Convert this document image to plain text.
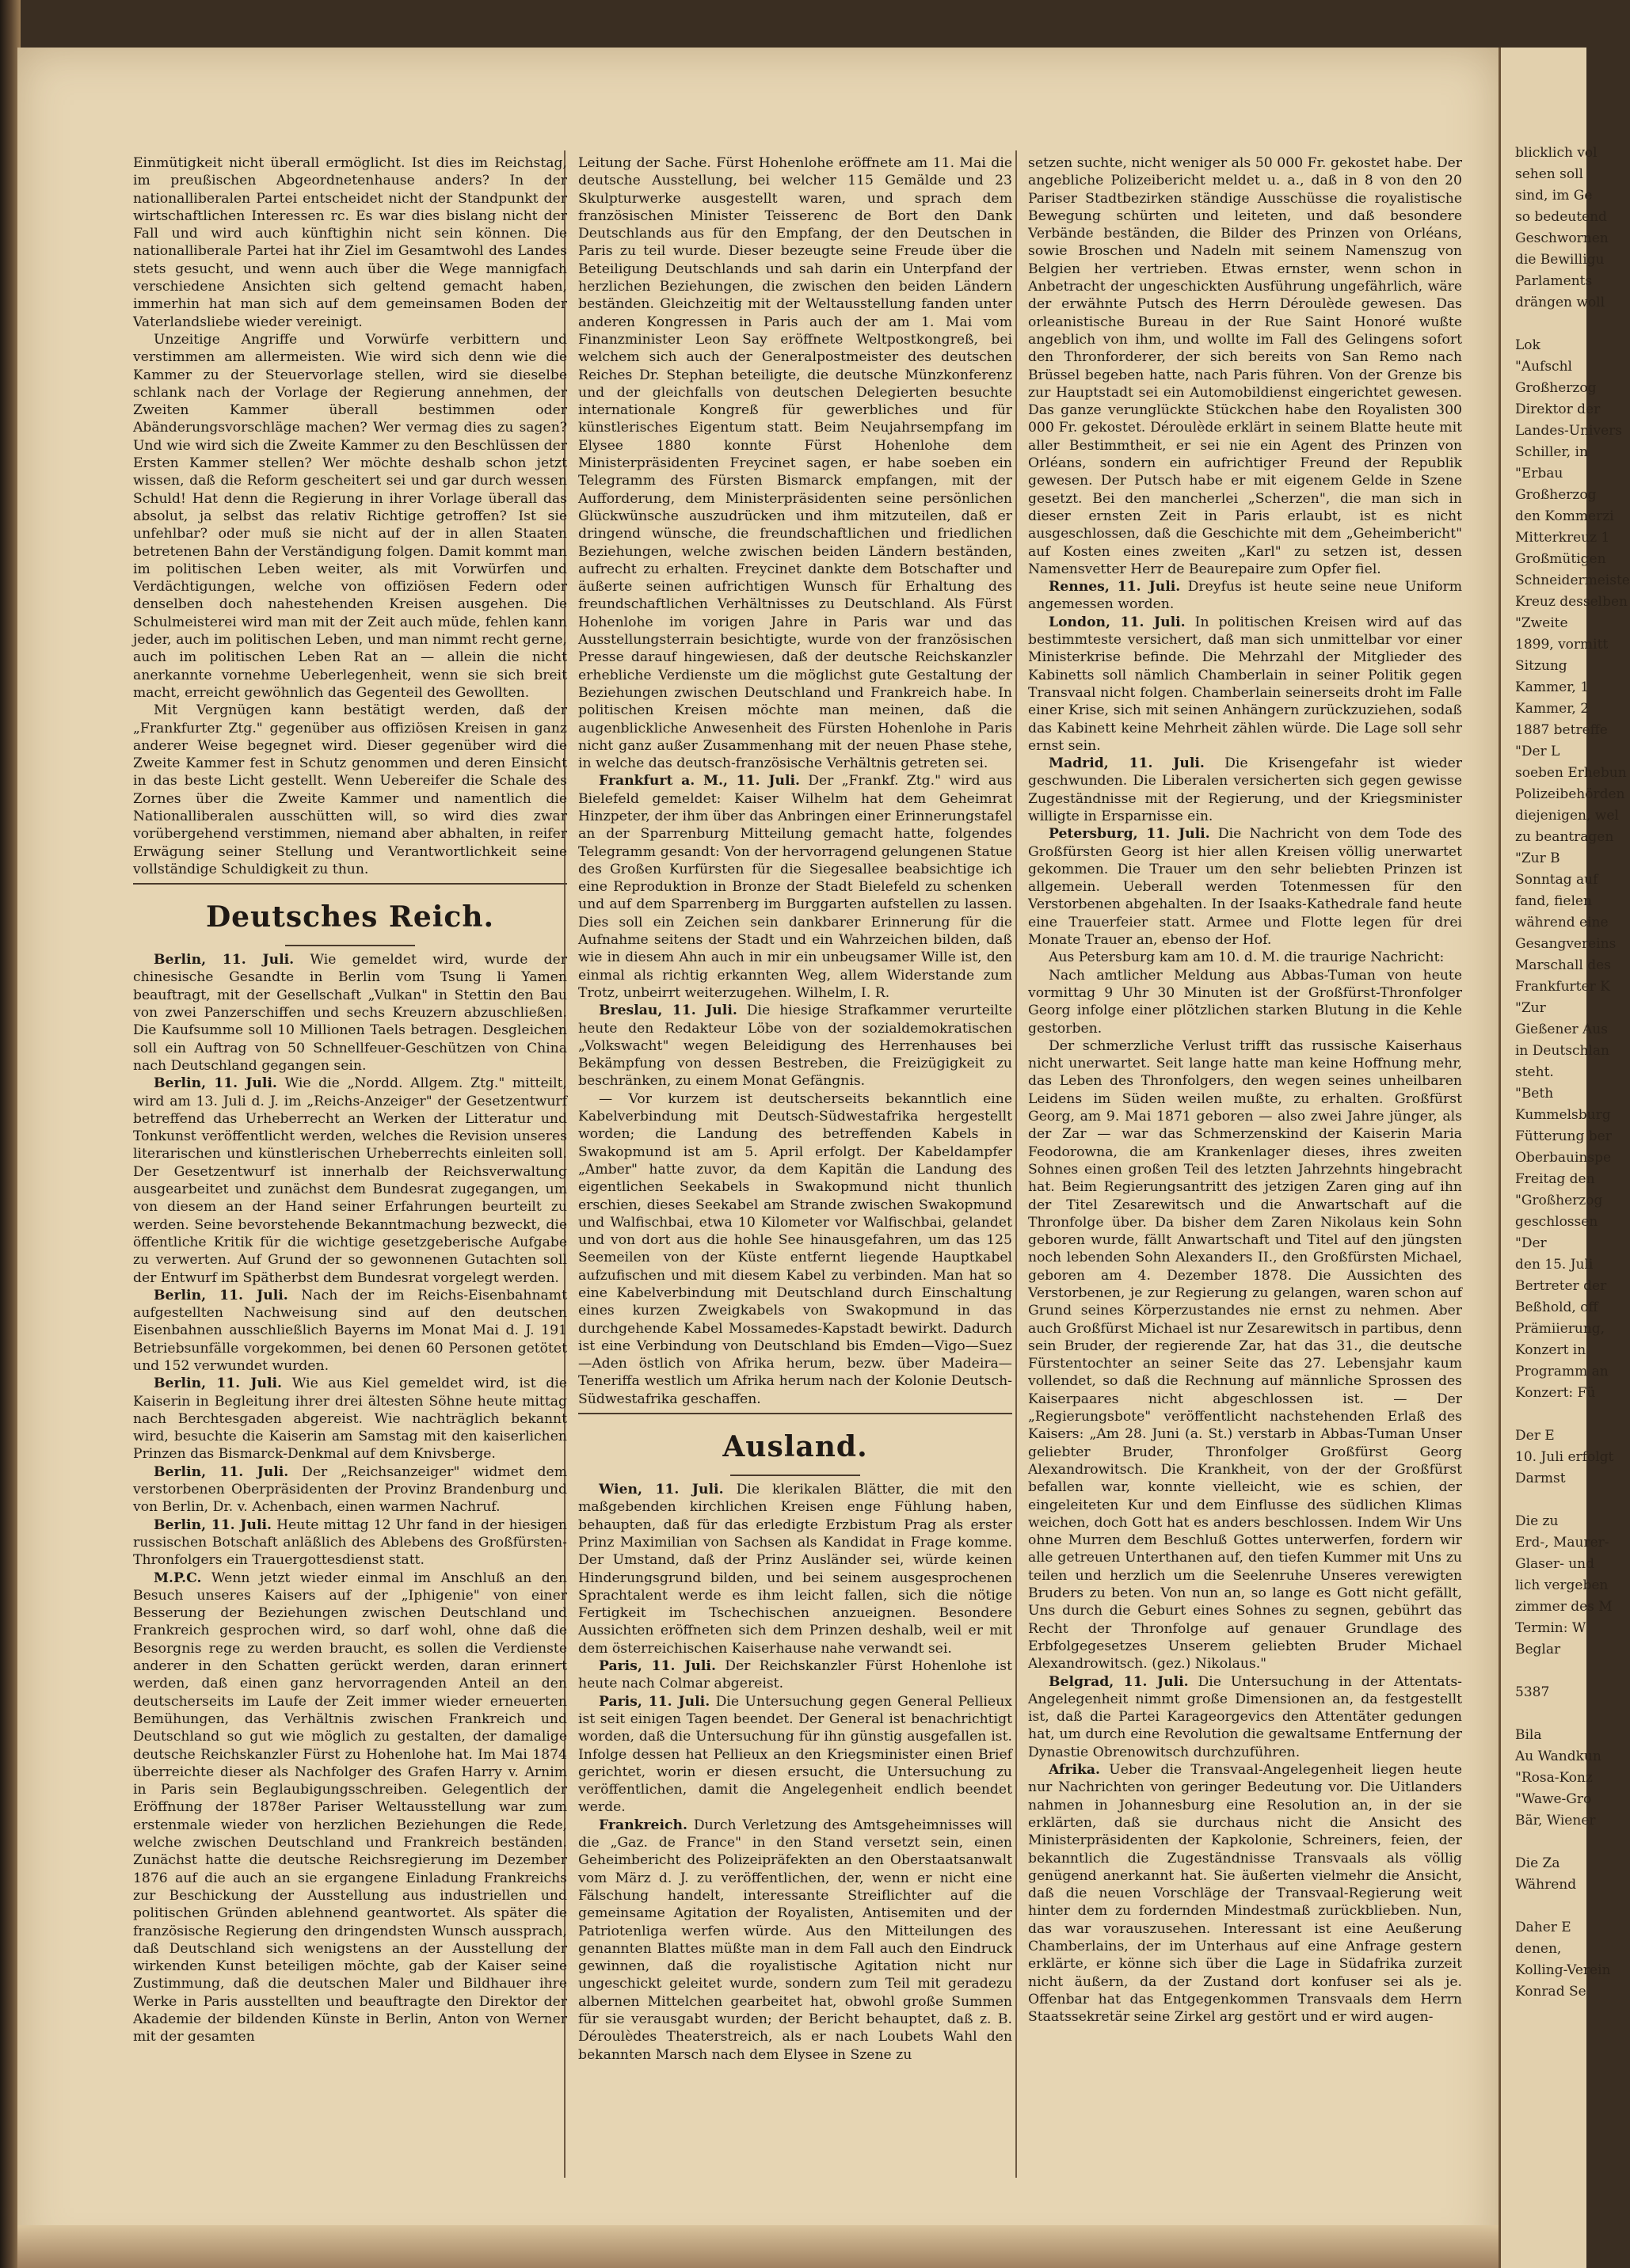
Einmütigkeit nicht überall ermöglicht. Ist dies im Reichstag, im preußischen Abgeordnetenhause anders? In der nationalliberalen Partei entscheidet nicht der Standpunkt der wirtschaftlichen Interessen rc. Es war dies bislang nicht der Fall und wird auch künftighin nicht sein können. Die nationalliberale Partei hat ihr Ziel im Gesamtwohl des Landes stets gesucht, und wenn auch über die Wege mannigfach verschiedene Ansichten sich geltend gemacht haben, immerhin hat man sich auf dem gemeinsamen Boden der Vaterlandsliebe wieder vereinigt.

Unzeitige Angriffe und Vorwürfe verbittern und verstimmen am allermeisten. Wie wird sich denn wie die Kammer zu der Steuervorlage stellen, wird sie dieselbe schlank nach der Vorlage der Regierung annehmen, der Zweiten Kammer überall bestimmen oder Abänderungsvorschläge machen? Wer vermag dies zu sagen? Und wie wird sich die Zweite Kammer zu den Beschlüssen der Ersten Kammer stellen? Wer möchte deshalb schon jetzt wissen, daß die Reform gescheitert sei und gar durch wessen Schuld! Hat denn die Regierung in ihrer Vorlage überall das absolut, ja selbst das relativ Richtige getroffen? Ist sie unfehlbar? oder muß sie nicht auf der in allen Staaten betretenen Bahn der Verständigung folgen. Damit kommt man im politischen Leben weiter, als mit Vorwürfen und Verdächtigungen, welche von offiziösen Federn oder denselben doch nahestehenden Kreisen ausgehen. Die Schulmeisterei wird man mit der Zeit auch müde, fehlen kann jeder, auch im politischen Leben, und man nimmt recht gerne, auch im politischen Leben Rat an — allein die nicht anerkannte vornehme Ueberlegenheit, wenn sie sich breit macht, erreicht gewöhnlich das Gegenteil des Gewollten.

Mit Vergnügen kann bestätigt werden, daß der „Frankfurter Ztg." gegenüber aus offiziösen Kreisen in ganz anderer Weise begegnet wird. Dieser gegenüber wird die Zweite Kammer fest in Schutz genommen und deren Einsicht in das beste Licht gestellt. Wenn Uebereifer die Schale des Zornes über die Zweite Kammer und namentlich die Nationalliberalen ausschütten will, so wird dies zwar vorübergehend verstimmen, niemand aber abhalten, in reifer Erwägung seiner Stellung und Verantwortlichkeit seine vollständige Schuldigkeit zu thun.

Deutsches Reich.

Berlin, 11. Juli. Wie gemeldet wird, wurde der chinesische Gesandte in Berlin vom Tsung li Yamen beauftragt, mit der Gesellschaft „Vulkan" in Stettin den Bau von zwei Panzerschiffen und sechs Kreuzern abzuschließen. Die Kaufsumme soll 10 Millionen Taels betragen. Desgleichen soll ein Auftrag von 50 Schnellfeuer-Geschützen von China nach Deutschland gegangen sein.

Berlin, 11. Juli. Wie die „Nordd. Allgem. Ztg." mitteilt, wird am 13. Juli d. J. im „Reichs-Anzeiger" der Gesetzentwurf betreffend das Urheberrecht an Werken der Litteratur und Tonkunst veröffentlicht werden, welches die Revision unseres literarischen und künstlerischen Urheberrechts einleiten soll. Der Gesetzentwurf ist innerhalb der Reichsverwaltung ausgearbeitet und zunächst dem Bundesrat zugegangen, um von diesem an der Hand seiner Erfahrungen beurteilt zu werden. Seine bevorstehende Bekanntmachung bezweckt, die öffentliche Kritik für die wichtige gesetzgeberische Aufgabe zu verwerten. Auf Grund der so gewonnenen Gutachten soll der Entwurf im Spätherbst dem Bundesrat vorgelegt werden.

Berlin, 11. Juli. Nach der im Reichs-Eisenbahnamt aufgestellten Nachweisung sind auf den deutschen Eisenbahnen ausschließlich Bayerns im Monat Mai d. J. 191 Betriebsunfälle vorgekommen, bei denen 60 Personen getötet und 152 verwundet wurden.

Berlin, 11. Juli. Wie aus Kiel gemeldet wird, ist die Kaiserin in Begleitung ihrer drei ältesten Söhne heute mittag nach Berchtesgaden abgereist. Wie nachträglich bekannt wird, besuchte die Kaiserin am Samstag mit den kaiserlichen Prinzen das Bismarck-Denkmal auf dem Knivsberge.

Berlin, 11. Juli. Der „Reichsanzeiger" widmet dem verstorbenen Oberpräsidenten der Provinz Brandenburg und von Berlin, Dr. v. Achenbach, einen warmen Nachruf.

Berlin, 11. Juli. Heute mittag 12 Uhr fand in der hiesigen russischen Botschaft anläßlich des Ablebens des Großfürsten-Thronfolgers ein Trauergottesdienst statt.

M.P.C. Wenn jetzt wieder einmal im Anschluß an den Besuch unseres Kaisers auf der „Iphigenie" von einer Besserung der Beziehungen zwischen Deutschland und Frankreich gesprochen wird, so darf wohl, ohne daß die Besorgnis rege zu werden braucht, es sollen die Verdienste anderer in den Schatten gerückt werden, daran erinnert werden, daß einen ganz hervorragenden Anteil an den deutscherseits im Laufe der Zeit immer wieder erneuerten Bemühungen, das Verhältnis zwischen Frankreich und Deutschland so gut wie möglich zu gestalten, der damalige deutsche Reichskanzler Fürst zu Hohenlohe hat. Im Mai 1874 überreichte dieser als Nachfolger des Grafen Harry v. Arnim in Paris sein Beglaubigungsschreiben. Gelegentlich der Eröffnung der 1878er Pariser Weltausstellung war zum erstenmale wieder von herzlichen Beziehungen die Rede, welche zwischen Deutschland und Frankreich beständen. Zunächst hatte die deutsche Reichsregierung im Dezember 1876 auf die auch an sie ergangene Einladung Frankreichs zur Beschickung der Ausstellung aus industriellen und politischen Gründen ablehnend geantwortet. Als später die französische Regierung den dringendsten Wunsch aussprach, daß Deutschland sich wenigstens an der Ausstellung der wirkenden Kunst beteiligen möchte, gab der Kaiser seine Zustimmung, daß die deutschen Maler und Bildhauer ihre Werke in Paris ausstellten und beauftragte den Direktor der Akademie der bildenden Künste in Berlin, Anton von Werner mit der gesamten

Leitung der Sache. Fürst Hohenlohe eröffnete am 11. Mai die deutsche Ausstellung, bei welcher 115 Gemälde und 23 Skulpturwerke ausgestellt waren, und sprach dem französischen Minister Teisserenc de Bort den Dank Deutschlands aus für den Empfang, der den Deutschen in Paris zu teil wurde. Dieser bezeugte seine Freude über die Beteiligung Deutschlands und sah darin ein Unterpfand der herzlichen Beziehungen, die zwischen den beiden Ländern beständen. Gleichzeitig mit der Weltausstellung fanden unter anderen Kongressen in Paris auch der am 1. Mai vom Finanzminister Leon Say eröffnete Weltpostkongreß, bei welchem sich auch der Generalpostmeister des deutschen Reiches Dr. Stephan beteiligte, die deutsche Münzkonferenz und der gleichfalls von deutschen Delegierten besuchte internationale Kongreß für gewerbliches und für künstlerisches Eigentum statt. Beim Neujahrsempfang im Elysee 1880 konnte Fürst Hohenlohe dem Ministerpräsidenten Freycinet sagen, er habe soeben ein Telegramm des Fürsten Bismarck empfangen, mit der Aufforderung, dem Ministerpräsidenten seine persönlichen Glückwünsche auszudrücken und ihm mitzuteilen, daß er dringend wünsche, die freundschaftlichen und friedlichen Beziehungen, welche zwischen beiden Ländern beständen, aufrecht zu erhalten. Freycinet dankte dem Botschafter und äußerte seinen aufrichtigen Wunsch für Erhaltung des freundschaftlichen Verhältnisses zu Deutschland. Als Fürst Hohenlohe im vorigen Jahre in Paris war und das Ausstellungsterrain besichtigte, wurde von der französischen Presse darauf hingewiesen, daß der deutsche Reichskanzler erhebliche Verdienste um die möglichst gute Gestaltung der Beziehungen zwischen Deutschland und Frankreich habe. In politischen Kreisen möchte man meinen, daß die augenblickliche Anwesenheit des Fürsten Hohenlohe in Paris nicht ganz außer Zusammenhang mit der neuen Phase stehe, in welche das deutsch-französische Verhältnis getreten sei.

Frankfurt a. M., 11. Juli. Der „Frankf. Ztg." wird aus Bielefeld gemeldet: Kaiser Wilhelm hat dem Geheimrat Hinzpeter, der ihm über das Anbringen einer Erinnerungstafel an der Sparrenburg Mitteilung gemacht hatte, folgendes Telegramm gesandt: Von der hervorragend gelungenen Statue des Großen Kurfürsten für die Siegesallee beabsichtige ich eine Reproduktion in Bronze der Stadt Bielefeld zu schenken und auf dem Sparrenberg im Burggarten aufstellen zu lassen. Dies soll ein Zeichen sein dankbarer Erinnerung für die Aufnahme seitens der Stadt und ein Wahrzeichen bilden, daß wie in diesem Ahn auch in mir ein unbeugsamer Wille ist, den einmal als richtig erkannten Weg, allem Widerstande zum Trotz, unbeirrt weiterzugehen. Wilhelm, I. R.

Breslau, 11. Juli. Die hiesige Strafkammer verurteilte heute den Redakteur Löbe von der sozialdemokratischen „Volkswacht" wegen Beleidigung des Herrenhauses bei Bekämpfung von dessen Bestreben, die Freizügigkeit zu beschränken, zu einem Monat Gefängnis.

— Vor kurzem ist deutscherseits bekanntlich eine Kabelverbindung mit Deutsch-Südwestafrika hergestellt worden; die Landung des betreffenden Kabels in Swakopmund ist am 5. April erfolgt. Der Kabeldampfer „Amber" hatte zuvor, da dem Kapitän die Landung des eigentlichen Seekabels in Swakopmund nicht thunlich erschien, dieses Seekabel am Strande zwischen Swakopmund und Walfischbai, etwa 10 Kilometer vor Walfischbai, gelandet und von dort aus die hohle See hinausgefahren, um das 125 Seemeilen von der Küste entfernt liegende Hauptkabel aufzufischen und mit diesem Kabel zu verbinden. Man hat so eine Kabelverbindung mit Deutschland durch Einschaltung eines kurzen Zweigkabels von Swakopmund in das durchgehende Kabel Mossamedes-Kapstadt bewirkt. Dadurch ist eine Verbindung von Deutschland bis Emden—Vigo—Suez—Aden östlich von Afrika herum, bezw. über Madeira—Teneriffa westlich um Afrika herum nach der Kolonie Deutsch-Südwestafrika geschaffen.

Ausland.

Wien, 11. Juli. Die klerikalen Blätter, die mit den maßgebenden kirchlichen Kreisen enge Fühlung haben, behaupten, daß für das erledigte Erzbistum Prag als erster Prinz Maximilian von Sachsen als Kandidat in Frage komme. Der Umstand, daß der Prinz Ausländer sei, würde keinen Hinderungsgrund bilden, und bei seinem ausgesprochenen Sprachtalent werde es ihm leicht fallen, sich die nötige Fertigkeit im Tschechischen anzueignen. Besondere Aussichten eröffneten sich dem Prinzen deshalb, weil er mit dem österreichischen Kaiserhause nahe verwandt sei.

Paris, 11. Juli. Der Reichskanzler Fürst Hohenlohe ist heute nach Colmar abgereist.

Paris, 11. Juli. Die Untersuchung gegen General Pellieux ist seit einigen Tagen beendet. Der General ist benachrichtigt worden, daß die Untersuchung für ihn günstig ausgefallen ist. Infolge dessen hat Pellieux an den Kriegsminister einen Brief gerichtet, worin er diesen ersucht, die Untersuchung zu veröffentlichen, damit die Angelegenheit endlich beendet werde.

Frankreich. Durch Verletzung des Amtsgeheimnisses will die „Gaz. de France" in den Stand versetzt sein, einen Geheimbericht des Polizeipräfekten an den Oberstaatsanwalt vom März d. J. zu veröffentlichen, der, wenn er nicht eine Fälschung handelt, interessante Streiflichter auf die gemeinsame Agitation der Royalisten, Antisemiten und der Patriotenliga werfen würde. Aus den Mitteilungen des genannten Blattes müßte man in dem Fall auch den Eindruck gewinnen, daß die royalistische Agitation nicht nur ungeschickt geleitet wurde, sondern zum Teil mit geradezu albernen Mittelchen gearbeitet hat, obwohl große Summen für sie verausgabt wurden; der Bericht behauptet, daß z. B. Déroulèdes Theaterstreich, als er nach Loubets Wahl den bekannten Marsch nach dem Elysee in Szene zu

setzen suchte, nicht weniger als 50 000 Fr. gekostet habe. Der angebliche Polizeibericht meldet u. a., daß in 8 von den 20 Pariser Stadtbezirken ständige Ausschüsse die royalistische Bewegung schürten und leiteten, und daß besondere Verbände beständen, die Bilder des Prinzen von Orléans, sowie Broschen und Nadeln mit seinem Namenszug von Belgien her vertrieben. Etwas ernster, wenn schon in Anbetracht der ungeschickten Ausführung ungefährlich, wäre der erwähnte Putsch des Herrn Déroulède gewesen. Das orleanistische Bureau in der Rue Saint Honoré wußte angeblich von ihm, und wollte im Fall des Gelingens sofort den Thronforderer, der sich bereits von San Remo nach Brüssel begeben hatte, nach Paris führen. Von der Grenze bis zur Hauptstadt sei ein Automobildienst eingerichtet gewesen. Das ganze verunglückte Stückchen habe den Royalisten 300 000 Fr. gekostet. Déroulède erklärt in seinem Blatte heute mit aller Bestimmtheit, er sei nie ein Agent des Prinzen von Orléans, sondern ein aufrichtiger Freund der Republik gewesen. Der Putsch habe er mit eigenem Gelde in Szene gesetzt. Bei den mancherlei „Scherzen", die man sich in dieser ernsten Zeit in Paris erlaubt, ist es nicht ausgeschlossen, daß die Geschichte mit dem „Geheimbericht" auf Kosten eines zweiten „Karl" zu setzen ist, dessen Namensvetter Herr de Beaurepaire zum Opfer fiel.

Rennes, 11. Juli. Dreyfus ist heute seine neue Uniform angemessen worden.

London, 11. Juli. In politischen Kreisen wird auf das bestimmteste versichert, daß man sich unmittelbar vor einer Ministerkrise befinde. Die Mehrzahl der Mitglieder des Kabinetts soll nämlich Chamberlain in seiner Politik gegen Transvaal nicht folgen. Chamberlain seinerseits droht im Falle einer Krise, sich mit seinen Anhängern zurückzuziehen, sodaß das Kabinett keine Mehrheit zählen würde. Die Lage soll sehr ernst sein.

Madrid, 11. Juli. Die Krisengefahr ist wieder geschwunden. Die Liberalen versicherten sich gegen gewisse Zugeständnisse mit der Regierung, und der Kriegsminister willigte in Ersparnisse ein.

Petersburg, 11. Juli. Die Nachricht von dem Tode des Großfürsten Georg ist hier allen Kreisen völlig unerwartet gekommen. Die Trauer um den sehr beliebten Prinzen ist allgemein. Ueberall werden Totenmessen für den Verstorbenen abgehalten. In der Isaaks-Kathedrale fand heute eine Trauerfeier statt. Armee und Flotte legen für drei Monate Trauer an, ebenso der Hof.

Aus Petersburg kam am 10. d. M. die traurige Nachricht:

Nach amtlicher Meldung aus Abbas-Tuman von heute vormittag 9 Uhr 30 Minuten ist der Großfürst-Thronfolger Georg infolge einer plötzlichen starken Blutung in die Kehle gestorben.

Der schmerzliche Verlust trifft das russische Kaiserhaus nicht unerwartet. Seit lange hatte man keine Hoffnung mehr, das Leben des Thronfolgers, den wegen seines unheilbaren Leidens im Süden weilen mußte, zu erhalten. Großfürst Georg, am 9. Mai 1871 geboren — also zwei Jahre jünger, als der Zar — war das Schmerzenskind der Kaiserin Maria Feodorowna, die am Krankenlager dieses, ihres zweiten Sohnes einen großen Teil des letzten Jahrzehnts hingebracht hat. Beim Regierungsantritt des jetzigen Zaren ging auf ihn der Titel Zesarewitsch und die Anwartschaft auf die Thronfolge über. Da bisher dem Zaren Nikolaus kein Sohn geboren wurde, fällt Anwartschaft und Titel auf den jüngsten noch lebenden Sohn Alexanders II., den Großfürsten Michael, geboren am 4. Dezember 1878. Die Aussichten des Verstorbenen, je zur Regierung zu gelangen, waren schon auf Grund seines Körperzustandes nie ernst zu nehmen. Aber auch Großfürst Michael ist nur Zesarewitsch in partibus, denn sein Bruder, der regierende Zar, hat das 31., die deutsche Fürstentochter an seiner Seite das 27. Lebensjahr kaum vollendet, so daß die Rechnung auf männliche Sprossen des Kaiserpaares nicht abgeschlossen ist. — Der „Regierungsbote" veröffentlicht nachstehenden Erlaß des Kaisers: „Am 28. Juni (a. St.) verstarb in Abbas-Tuman Unser geliebter Bruder, Thronfolger Großfürst Georg Alexandrowitsch. Die Krankheit, von der der Großfürst befallen war, konnte vielleicht, wie es schien, der eingeleiteten Kur und dem Einflusse des südlichen Klimas weichen, doch Gott hat es anders beschlossen. Indem Wir Uns ohne Murren dem Beschluß Gottes unterwerfen, fordern wir alle getreuen Unterthanen auf, den tiefen Kummer mit Uns zu teilen und herzlich um die Seelenruhe Unseres verewigten Bruders zu beten. Von nun an, so lange es Gott nicht gefällt, Uns durch die Geburt eines Sohnes zu segnen, gebührt das Recht der Thronfolge auf genauer Grundlage des Erbfolgegesetzes Unserem geliebten Bruder Michael Alexandrowitsch. (gez.) Nikolaus."

Belgrad, 11. Juli. Die Untersuchung in der Attentats-Angelegenheit nimmt große Dimensionen an, da festgestellt ist, daß die Partei Karageorgevics den Attentäter gedungen hat, um durch eine Revolution die gewaltsame Entfernung der Dynastie Obrenowitsch durchzuführen.

Afrika. Ueber die Transvaal-Angelegenheit liegen heute nur Nachrichten von geringer Bedeutung vor. Die Uitlanders nahmen in Johannesburg eine Resolution an, in der sie erklärten, daß sie durchaus nicht die Ansicht des Ministerpräsidenten der Kapkolonie, Schreiners, feien, der bekanntlich die Zugeständnisse Transvaals als völlig genügend anerkannt hat. Sie äußerten vielmehr die Ansicht, daß die neuen Vorschläge der Transvaal-Regierung weit hinter dem zu fordernden Mindestmaß zurückblieben. Nun, das war vorauszusehen. Interessant ist eine Aeußerung Chamberlains, der im Unterhaus auf eine Anfrage gestern erklärte, er könne sich über die Lage in Südafrika zurzeit nicht äußern, da der Zustand dort konfuser sei als je. Offenbar hat das Entgegenkommen Transvaals dem Herrn Staatssekretär seine Zirkel arg gestört und er wird augen-

blicklich vol
sehen soll
sind, im Ge
so bedeutend
Geschwornen
die Bewilligu
Parlaments
drängen woll

Lok
"Aufschl
Großherzog
Direktor der
Landes-Univers
Schiller, in
"Erbau
Großherzog
den Kommerzi
Mitterkreuz 1
Großmütigen
Schneidermeiste
Kreuz desselben
"Zweite
1899, vormitt
Sitzung
Kammer, 1
Kammer, 2
1887 betreffe
"Der L
soeben Erhebun
Polizeibehörden
diejenigen, wel
zu beantragen
"Zur B
Sonntag auf
fand, fielen
während eine
Gesangvereins
Marschall des
Frankfurter K
"Zur
Gießener Aus
in Deutschlan
steht.
"Beth
Kummelsburg
Fütterung ber
Oberbauinspe
Freitag den
"Großherzog
geschlossen
"Der
den 15. Juli
Bertreter der
Beßhold, off
Prämiierung,
Konzert in
Programm an
Konzert: Fü

Der E
10. Juli erfolgt
Darmst

Die zu
Erd-, Maurer-
Glaser- und
lich vergeben
zimmer des M
Termin: W
Beglar

5387

Bila
Au Wandkun
"Rosa-Konz
"Wawe-Gro
Bär, Wiener

Die Za
Während

Daher E
denen,
Kolling-Verein
Konrad Se
